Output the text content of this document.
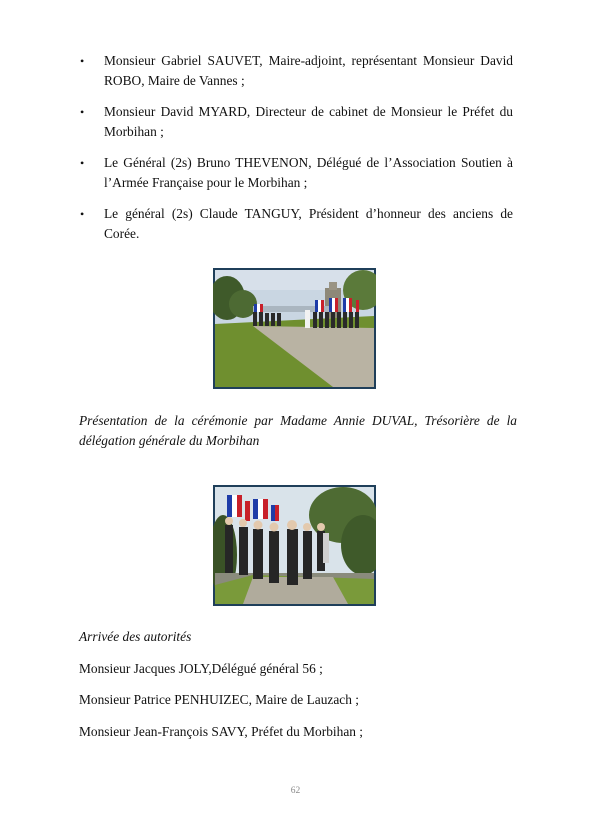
• Monsieur Gabriel SAUVET, Maire-adjoint, représentant Monsieur David ROBO, Maire de Vannes ;
• Monsieur David MYARD, Directeur de cabinet de Monsieur le Préfet du Morbihan ;
• Le Général (2s) Bruno THEVENON, Délégué de l’Association Soutien à l’Armée Française pour le Morbihan ;
• Le général (2s) Claude TANGUY, Président d’honneur des anciens de Corée.

Présentation de la cérémonie par Madame Annie DUVAL, Trésorière de la délégation générale du Morbihan

Arrivée des autorités

Monsieur Jacques JOLY,Délégué général 56 ;

Monsieur Patrice PENHUIZEC, Maire de Lauzach ;

Monsieur Jean-François SAVY, Préfet du Morbihan ;

62
